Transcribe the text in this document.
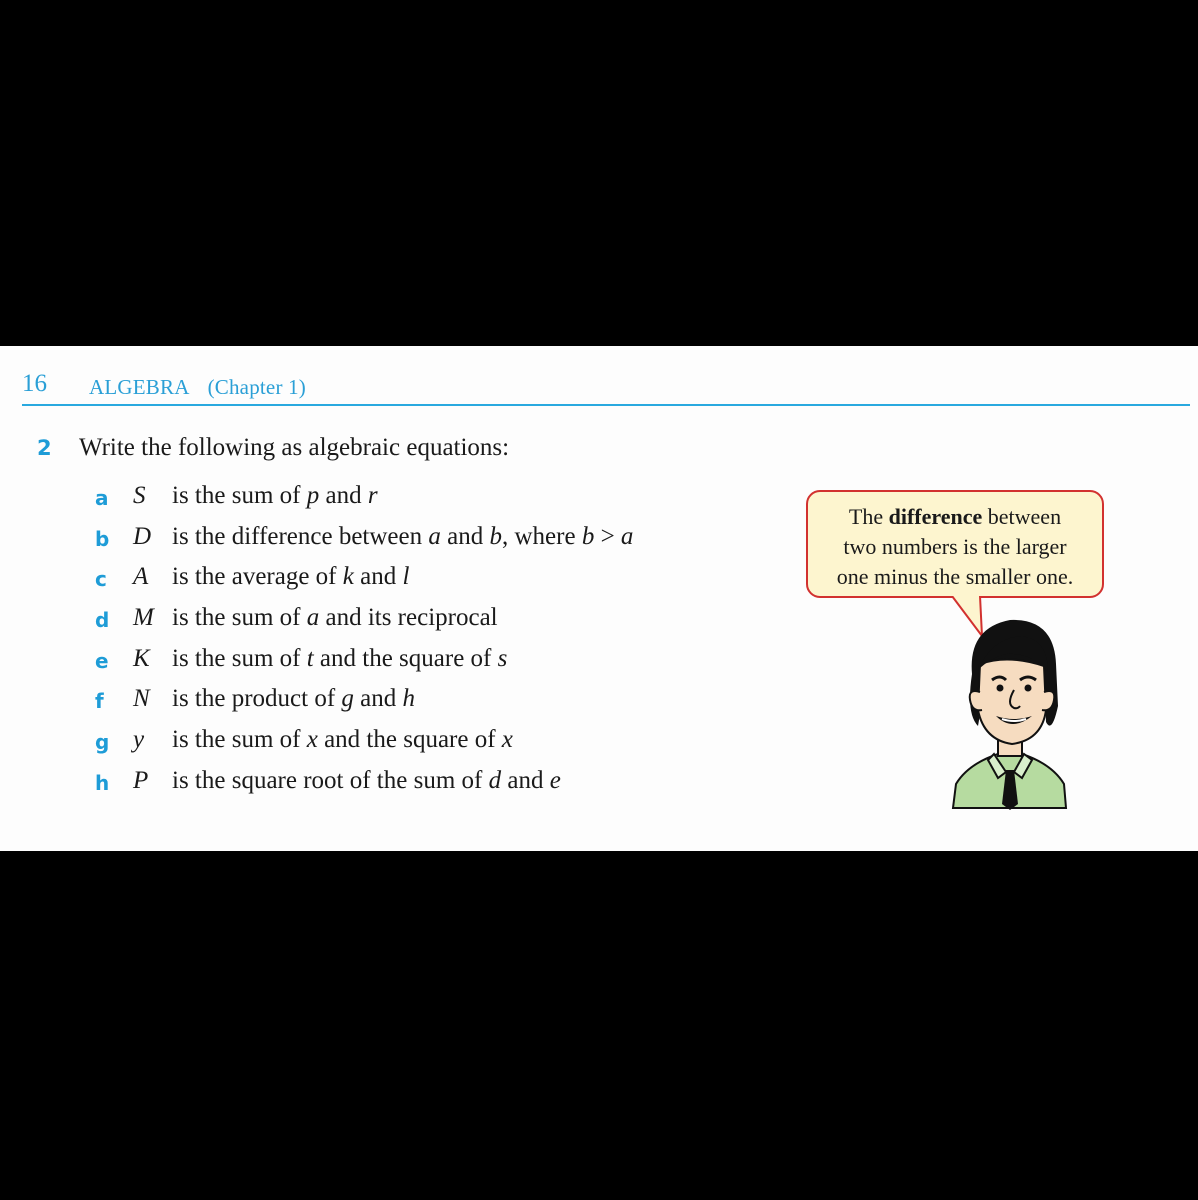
16 ALGEBRA (Chapter 1)
2 Write the following as algebraic equations:
a S is the sum of p and r
b D is the difference between a and b, where b > a
c	A is the average of k and l
d M is the sum of a and its reciprocal
e K is the sum of t and the square of s
f	N is the product of g and h
g y is the sum of x and the square of x
h P is the square root of the sum of d and e
The difference between
two numbers is the larger
one minus the smaller one.
